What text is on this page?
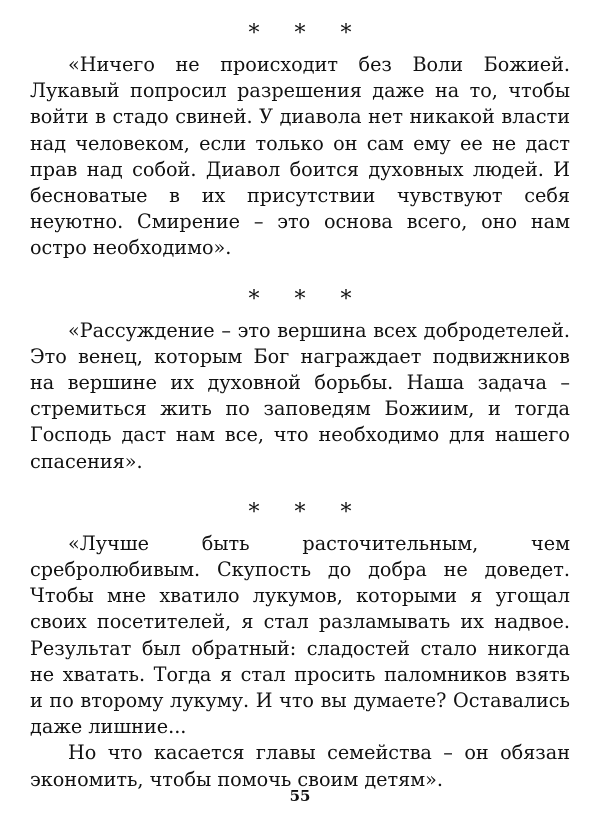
* * *

«Ничего не происходит без Воли Божией. Лукавый попросил разрешения даже на то, чтобы войти в стадо свиней. У диавола нет никакой власти над человеком, если только он сам ему ее не даст прав над собой. Диавол боится духовных людей. И бесноватые в их присутствии чувствуют себя неуютно. Смирение – это основа всего, оно нам остро необходимо».

* * *

«Рассуждение – это вершина всех добродетелей. Это венец, которым Бог награждает подвижников на вершине их духовной борьбы. Наша задача – стремиться жить по заповедям Божиим, и тогда Господь даст нам все, что необходимо для нашего спасения».

* * *

«Лучше быть расточительным, чем сребролюбивым. Скупость до добра не доведет. Чтобы мне хватило лукумов, которыми я угощал своих посетителей, я стал разламывать их надвое. Результат был обратный: сладостей стало никогда не хватать. Тогда я стал просить паломников взять и по второму лукуму. И что вы думаете? Оставались даже лишние...

Но что касается главы семейства – он обязан экономить, чтобы помочь своим детям».

55
